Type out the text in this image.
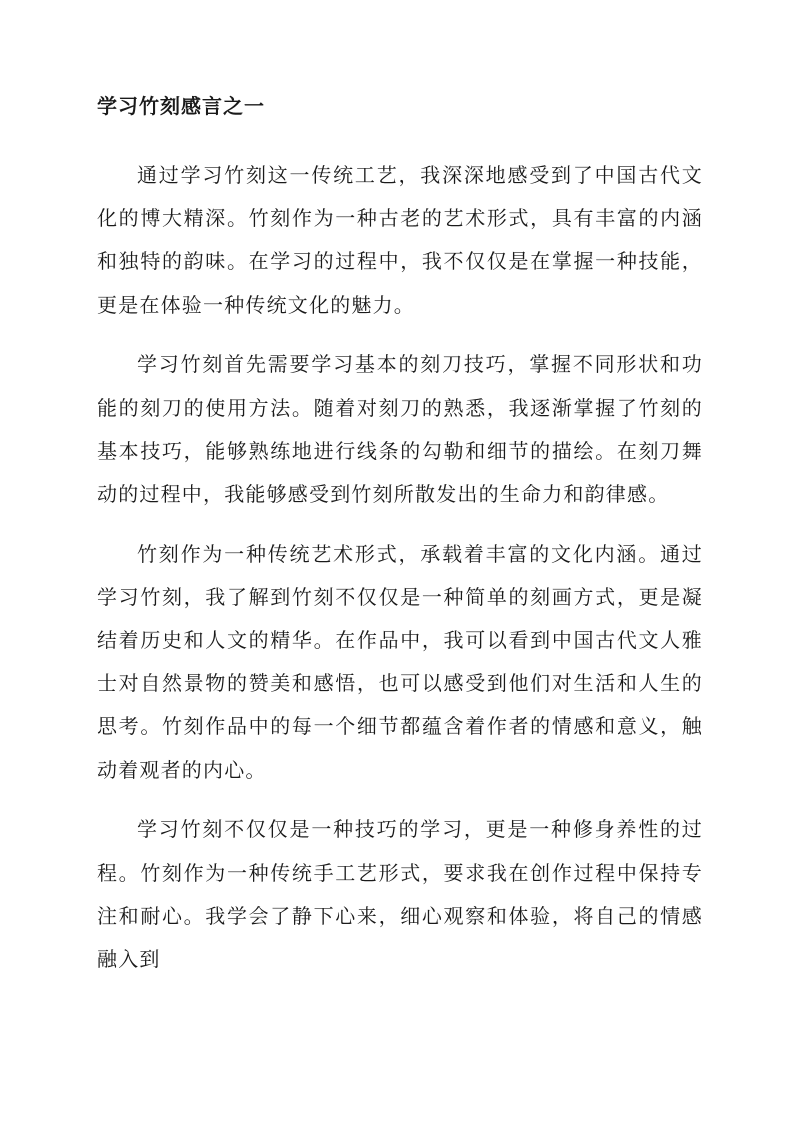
学习竹刻感言之一

通过学习竹刻这一传统工艺，我深深地感受到了中国古代文化的博大精深。竹刻作为一种古老的艺术形式，具有丰富的内涵和独特的韵味。在学习的过程中，我不仅仅是在掌握一种技能，更是在体验一种传统文化的魅力。

学习竹刻首先需要学习基本的刻刀技巧，掌握不同形状和功能的刻刀的使用方法。随着对刻刀的熟悉，我逐渐掌握了竹刻的基本技巧，能够熟练地进行线条的勾勒和细节的描绘。在刻刀舞动的过程中，我能够感受到竹刻所散发出的生命力和韵律感。

竹刻作为一种传统艺术形式，承载着丰富的文化内涵。通过学习竹刻，我了解到竹刻不仅仅是一种简单的刻画方式，更是凝结着历史和人文的精华。在作品中，我可以看到中国古代文人雅士对自然景物的赞美和感悟，也可以感受到他们对生活和人生的思考。竹刻作品中的每一个细节都蕴含着作者的情感和意义，触动着观者的内心。

学习竹刻不仅仅是一种技巧的学习，更是一种修身养性的过程。竹刻作为一种传统手工艺形式，要求我在创作过程中保持专注和耐心。我学会了静下心来，细心观察和体验，将自己的情感融入到
